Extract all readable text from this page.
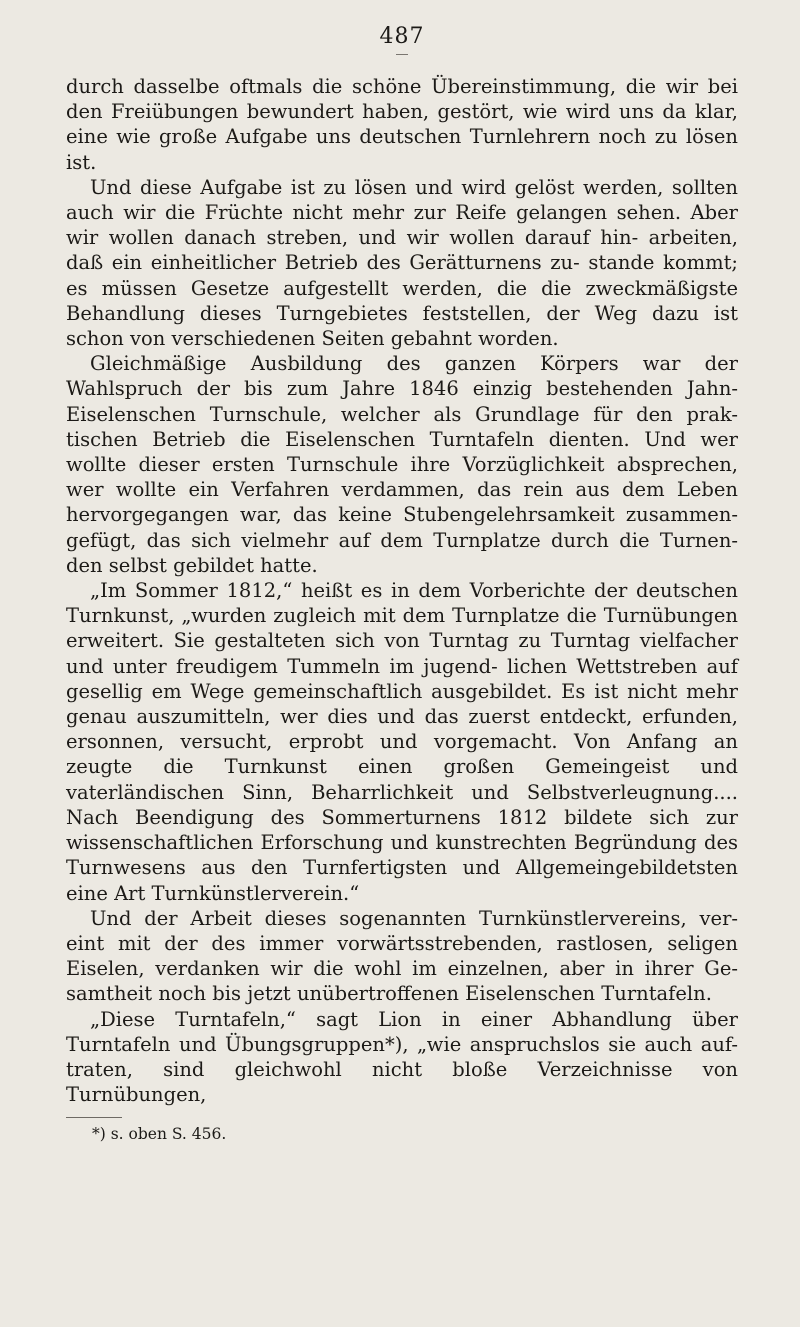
487

durch dasselbe oftmals die schöne Übereinstimmung, die wir bei den Freiübungen bewundert haben, gestört, wie wird uns da klar, eine wie große Aufgabe uns deutschen Turnlehrern noch zu lösen ist.

Und diese Aufgabe ist zu lösen und wird gelöst werden, sollten auch wir die Früchte nicht mehr zur Reife gelangen sehen. Aber wir wollen danach streben, und wir wollen darauf hin- arbeiten, daß ein einheitlicher Betrieb des Gerätturnens zu- stande kommt; es müssen Gesetze aufgestellt werden, die die zweckmäßigste Behandlung dieses Turngebietes feststellen, der Weg dazu ist schon von verschiedenen Seiten gebahnt worden.

Gleichmäßige Ausbildung des ganzen Körpers war der Wahlspruch der bis zum Jahre 1846 einzig bestehenden Jahn- Eiselenschen Turnschule, welcher als Grundlage für den prak- tischen Betrieb die Eiselenschen Turntafeln dienten. Und wer wollte dieser ersten Turnschule ihre Vorzüglichkeit absprechen, wer wollte ein Verfahren verdammen, das rein aus dem Leben hervorgegangen war, das keine Stubengelehrsamkeit zusammen- gefügt, das sich vielmehr auf dem Turnplatze durch die Turnen- den selbst gebildet hatte.

„Im Sommer 1812,“ heißt es in dem Vorberichte der deutschen Turnkunst, „wurden zugleich mit dem Turnplatze die Turnübungen erweitert. Sie gestalteten sich von Turntag zu Turntag vielfacher und unter freudigem Tummeln im jugend- lichen Wettstreben auf gesellig em Wege gemeinschaftlich ausgebildet. Es ist nicht mehr genau auszumitteln, wer dies und das zuerst entdeckt, erfunden, ersonnen, versucht, erprobt und vorgemacht. Von Anfang an zeugte die Turnkunst einen großen Gemeingeist und vaterländischen Sinn, Beharrlichkeit und Selbstverleugnung.... Nach Beendigung des Sommerturnens 1812 bildete sich zur wissenschaftlichen Erforschung und kunstrechten Begründung des Turnwesens aus den Turnfertigsten und Allgemeingebildetsten eine Art Turnkünstlerverein.“

Und der Arbeit dieses sogenannten Turnkünstlervereins, ver- eint mit der des immer vorwärtsstrebenden, rastlosen, seligen Eiselen, verdanken wir die wohl im einzelnen, aber in ihrer Ge- samtheit noch bis jetzt unübertroffenen Eiselenschen Turntafeln.

„Diese Turntafeln,“ sagt Lion in einer Abhandlung über Turntafeln und Übungsgruppen*), „wie anspruchslos sie auch auf- traten, sind gleichwohl nicht bloße Verzeichnisse von Turnübungen,

*) s. oben S. 456.
